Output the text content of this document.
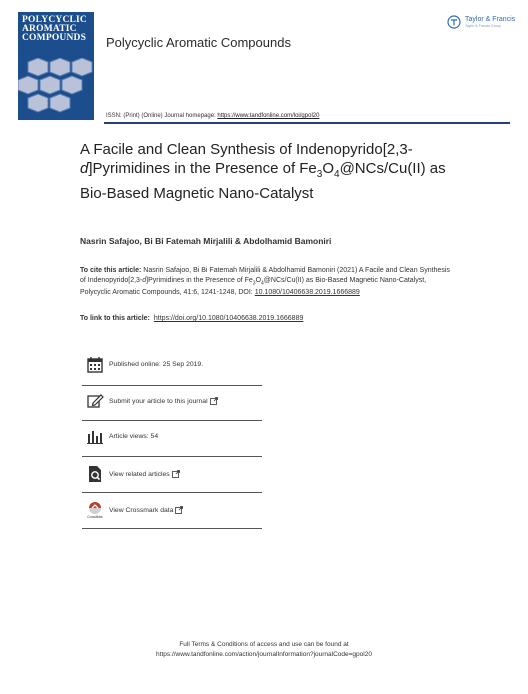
POLYCYCLIC
AROMATIC
COMPOUNDS	Polycyclic Aromatic Compounds
Taylor & Francis
Taylor & Francis Group
ISSN: (Print) (Online) Journal homepage: https://www.tandfonline.com/loi/gpol20
A Facile and Clean Synthesis of Indenopyrido[2,3-d]Pyrimidines in the Presence of $Fe_3O_4@NCs/Cu(II)$ as Bio-Based Magnetic Nano-Catalyst
Nasrin Safajoo, Bi Bi Fatemah Mirjalili & Abdolhamid Bamoniri
To cite this article: Nasrin Safajoo, Bi Bi Fatemah Mirjalili & Abdolhamid Bamoniri (2021) A Facile and Clean Synthesis of Indenopyrido[2,3-d]Pyrimidines in the Presence of $Fe_3O_4@NCs/Cu(II)$ as Bio-Based Magnetic Nano-Catalyst, Polycyclic Aromatic Compounds, 41:6, 1241-1248, DOI: 10.1080/10406638.2019.1666889
To link to this article: https://doi.org/10.1080/10406638.2019.1666889
Published online: 25 Sep 2019.
Submit your article to this journal
Article views: 54
View related articles
CrossMark
View Crossmark data
Full Terms & Conditions of access and use can be found at
https://www.tandfonline.com/action/journalInformation?journalCode=gpol20
